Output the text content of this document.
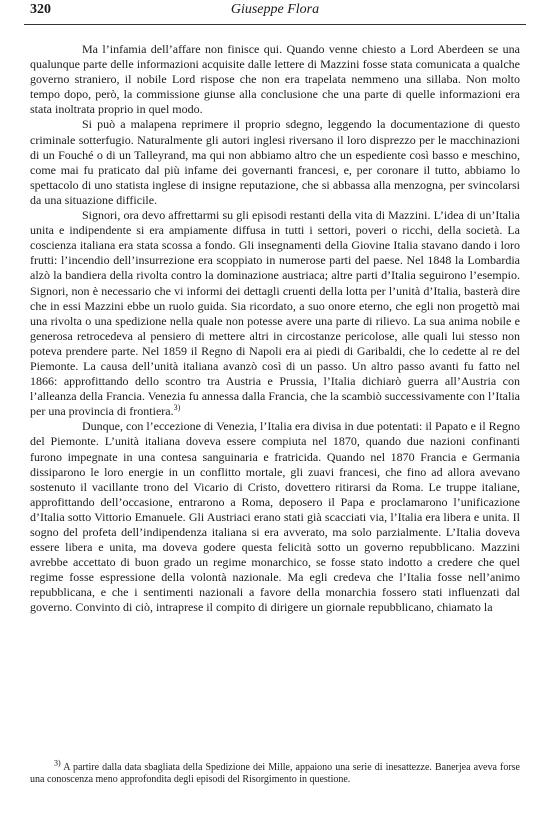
320	Giuseppe Flora

Ma l’infamia dell’affare non finisce qui. Quando venne chiesto a Lord Aberdeen se una qualunque parte delle informazioni acquisite dalle lettere di Mazzini fosse stata comunicata a qualche governo straniero, il nobile Lord rispose che non era trapelata nemmeno una sillaba. Non molto tempo dopo, però, la commissione giunse alla conclusione che una parte di quelle informazioni era stata inoltrata proprio in quel modo.

Si può a malapena reprimere il proprio sdegno, leggendo la documentazione di questo criminale sotterfugio. Naturalmente gli autori inglesi riversano il loro disprezzo per le macchinazioni di un Fouché o di un Talleyrand, ma qui non abbiamo altro che un espediente così basso e meschino, come mai fu praticato dal più infame dei governanti francesi, e, per coronare il tutto, abbiamo lo spettacolo di uno statista inglese di insigne reputazione, che si abbassa alla menzogna, per svincolarsi da una situazione difficile.

Signori, ora devo affrettarmi su gli episodi restanti della vita di Mazzini. L’idea di un’Italia unita e indipendente si era ampiamente diffusa in tutti i settori, poveri o ricchi, della società. La coscienza italiana era stata scossa a fondo. Gli insegnamenti della Giovine Italia stavano dando i loro frutti: l’incendio dell’insurrezione era scoppiato in numerose parti del paese. Nel 1848 la Lombardia alzò la bandiera della rivolta contro la dominazione austriaca; altre parti d’Italia seguirono l’esempio. Signori, non è necessario che vi informi dei dettagli cruenti della lotta per l’unità d’Italia, basterà dire che in essi Mazzini ebbe un ruolo guida. Sia ricordato, a suo onore eterno, che egli non progettò mai una rivolta o una spedizione nella quale non potesse avere una parte di rilievo. La sua anima nobile e generosa retrocedeva al pensiero di mettere altri in circostanze pericolose, alle quali lui stesso non poteva prendere parte. Nel 1859 il Regno di Napoli era ai piedi di Garibaldi, che lo cedette al re del Piemonte. La causa dell’unità italiana avanzò così di un passo. Un altro passo avanti fu fatto nel 1866: approfittando dello scontro tra Austria e Prussia, l’Italia dichiarò guerra all’Austria con l’alleanza della Francia. Venezia fu annessa dalla Francia, che la scambiò successivamente con l’Italia per una provincia di frontiera.$^{3)}$

Dunque, con l’eccezione di Venezia, l’Italia era divisa in due potentati: il Papato e il Regno del Piemonte. L’unità italiana doveva essere compiuta nel 1870, quando due nazioni confinanti furono impegnate in una contesa sanguinaria e fratricida. Quando nel 1870 Francia e Germania dissiparono le loro energie in un conflitto mortale, gli zuavi francesi, che fino ad allora avevano sostenuto il vacillante trono del Vicario di Cristo, dovettero ritirarsi da Roma. Le truppe italiane, approfittando dell’occasione, entrarono a Roma, deposero il Papa e proclamarono l’unificazione d’Italia sotto Vittorio Emanuele. Gli Austriaci erano stati già scacciati via, l’Italia era libera e unita. Il sogno del profeta dell’indipendenza italiana si era avverato, ma solo parzialmente. L’Italia doveva essere libera e unita, ma doveva godere questa felicità sotto un governo repubblicano. Mazzini avrebbe accettato di buon grado un regime monarchico, se fosse stato indotto a credere che quel regime fosse espressione della volontà nazionale. Ma egli credeva che l’Italia fosse nell’animo repubblicana, e che i sentimenti nazionali a favore della monarchia fossero stati influenzati dal governo. Convinto di ciò, intraprese il compito di dirigere un giornale repubblicano, chiamato la

$^{3)}$ A partire dalla data sbagliata della Spedizione dei Mille, appaiono una serie di inesattezze. Banerjea aveva forse una conoscenza meno approfondita degli episodi del Risorgimento in questione.
